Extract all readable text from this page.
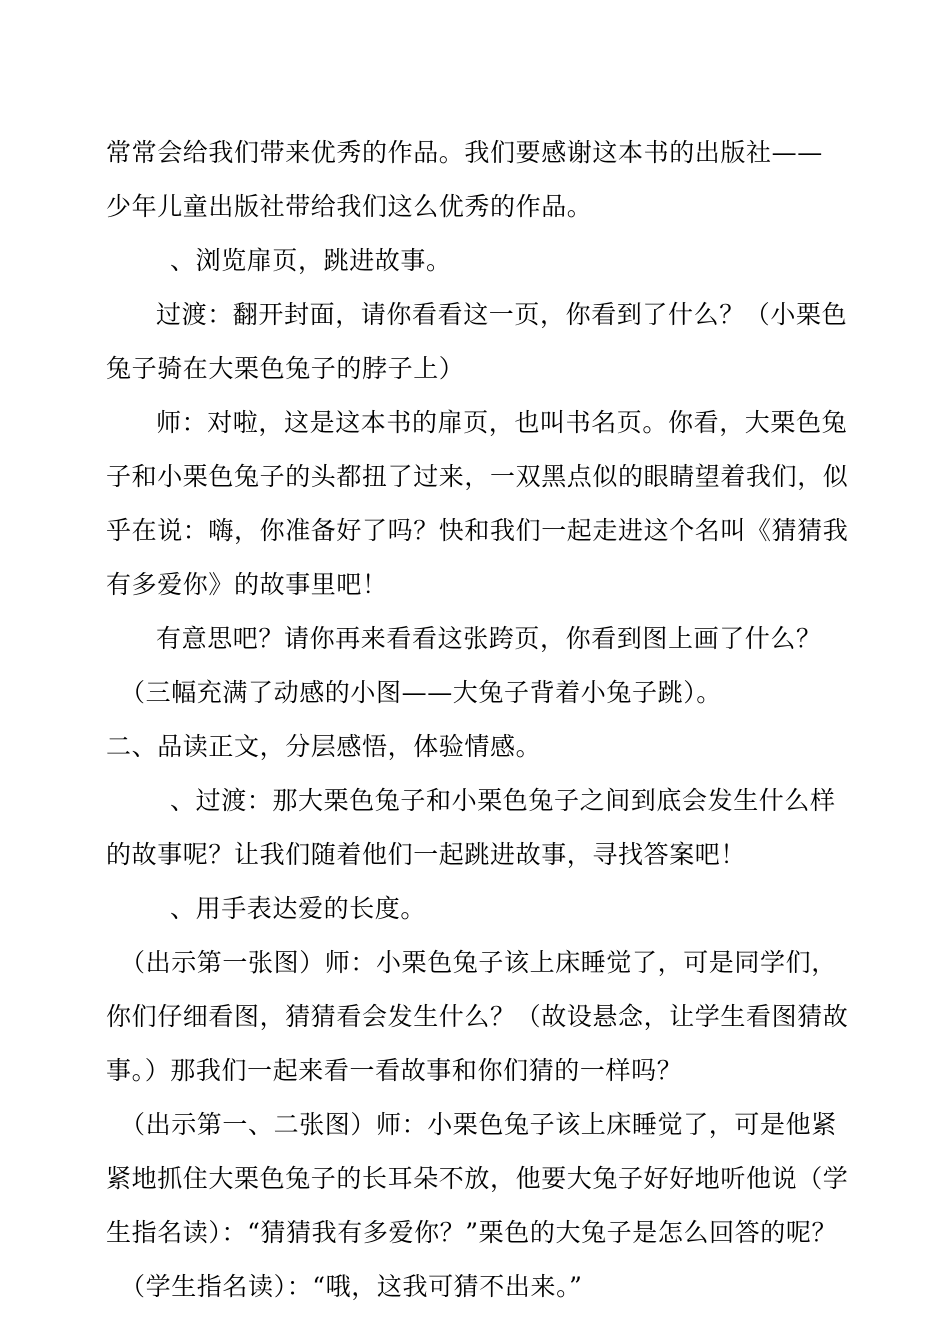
常常会给我们带来优秀的作品。我们要感谢这本书的出版社——

少年儿童出版社带给我们这么优秀的作品。

、浏览扉页，跳进故事。

过渡：翻开封面，请你看看这一页，你看到了什么？（小栗色

兔子骑在大栗色兔子的脖子上）

师：对啦，这是这本书的扉页，也叫书名页。你看，大栗色兔

子和小栗色兔子的头都扭了过来，一双黑点似的眼睛望着我们，似

乎在说：嗨，你准备好了吗？快和我们一起走进这个名叫《猜猜我

有多爱你》的故事里吧！

有意思吧？请你再来看看这张跨页，你看到图上画了什么？

（三幅充满了动感的小图——大兔子背着小兔子跳）。

二、品读正文，分层感悟，体验情感。

、过渡：那大栗色兔子和小栗色兔子之间到底会发生什么样

的故事呢？让我们随着他们一起跳进故事，寻找答案吧！

、用手表达爱的长度。

（出示第一张图）师：小栗色兔子该上床睡觉了，可是同学们，

你们仔细看图，猜猜看会发生什么？（故设悬念，让学生看图猜故

事。）那我们一起来看一看故事和你们猜的一样吗？

（出示第一、二张图）师：小栗色兔子该上床睡觉了，可是他紧

紧地抓住大栗色兔子的长耳朵不放，他要大兔子好好地听他说（学

生指名读）：“猜猜我有多爱你？”栗色的大兔子是怎么回答的呢？

（学生指名读）：“哦，这我可猜不出来。”
